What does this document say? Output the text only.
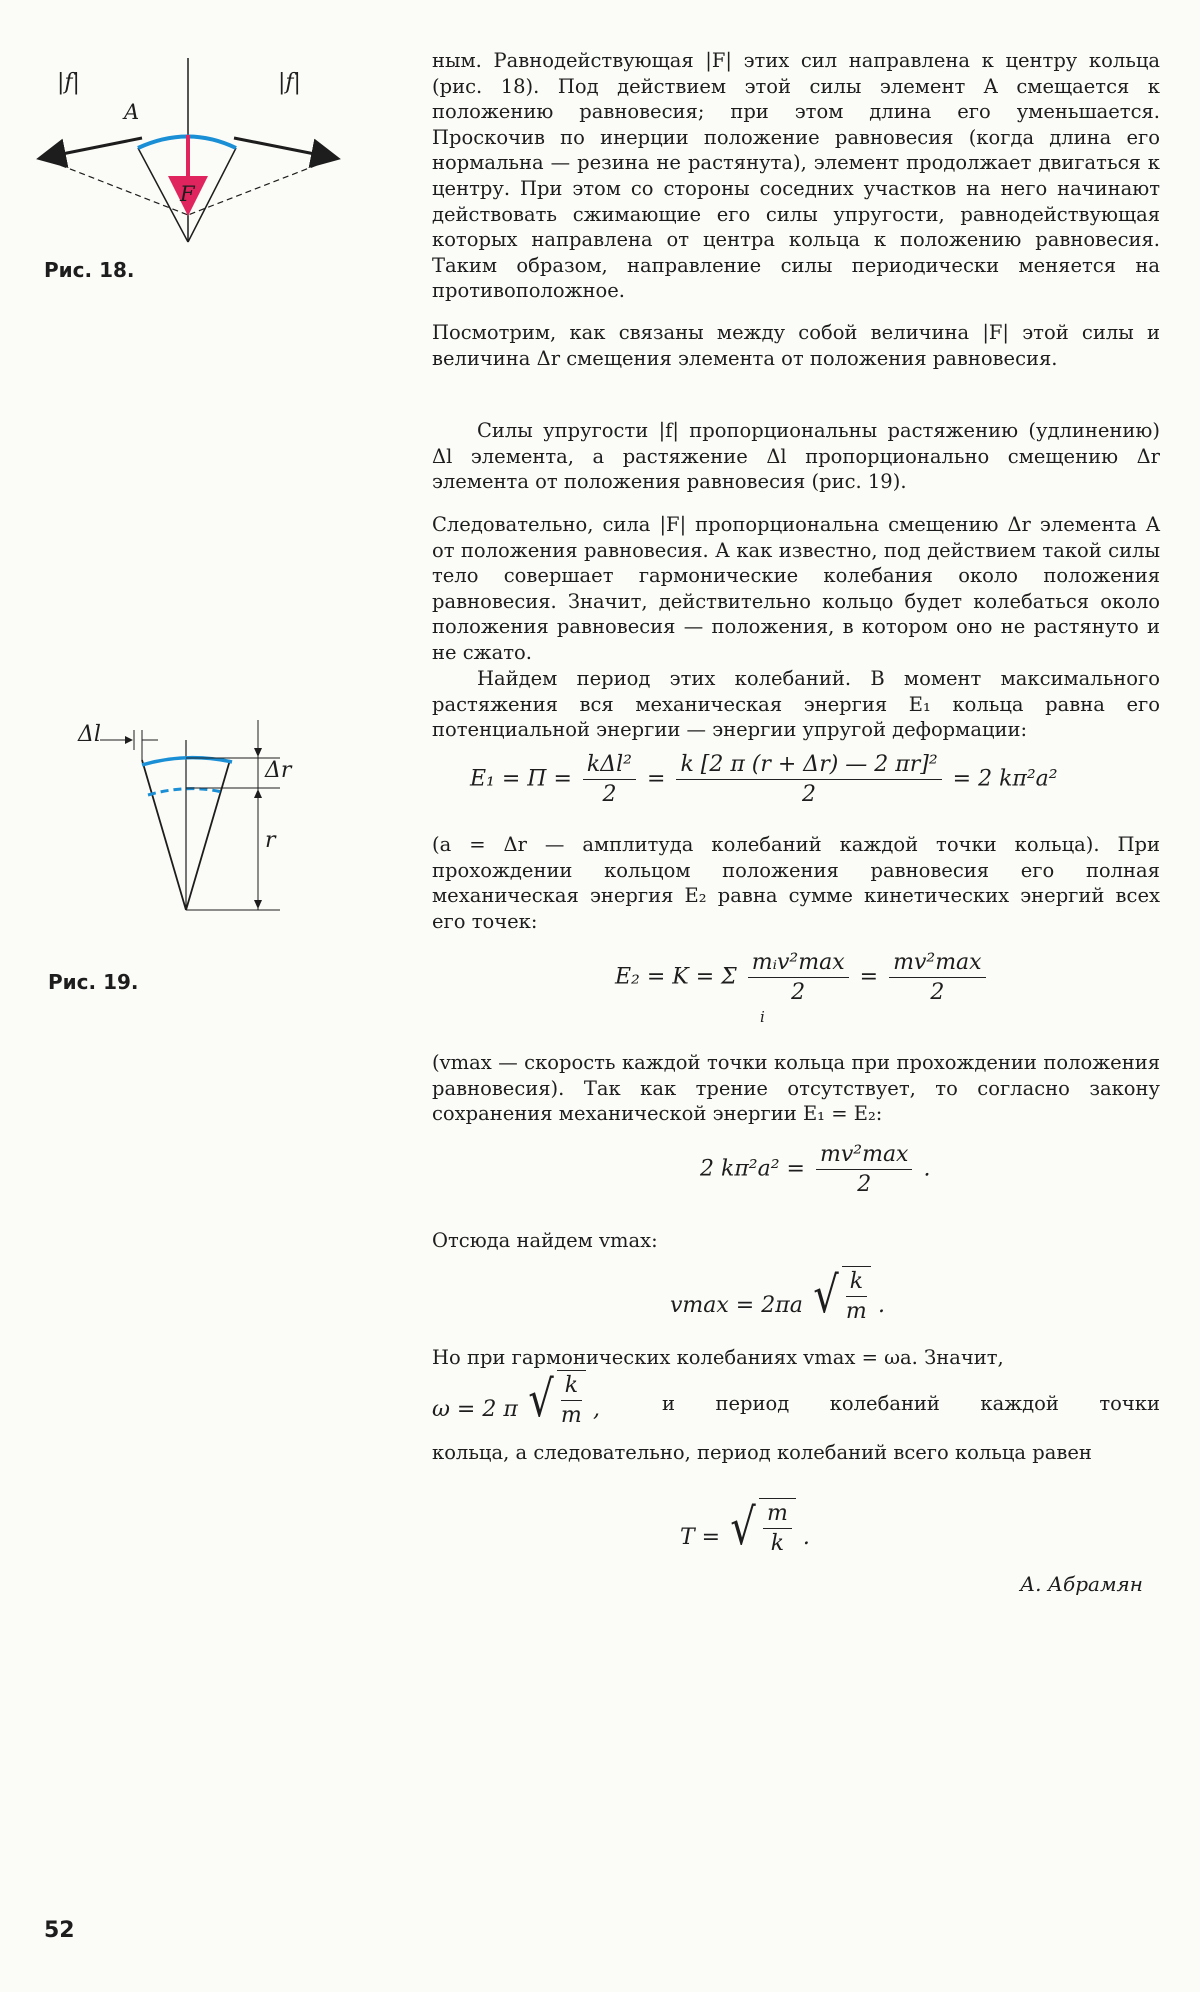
|f|	|f|
A
F
Рис. 18.
Δl
Δr
r
Рис. 19.
ным. Равнодействующая |F| этих сил направлена к центру кольца (рис. 18). Под действием этой силы элемент A смещается к положению равновесия; при этом длина его уменьшается. Проскочив по инерции положение равновесия (когда длина его нормальна — резина не растянута), элемент продолжает двигаться к центру. При этом со стороны соседних участков на него начинают действовать сжимающие его силы упругости, равнодействующая которых направлена от центра кольца к положению равновесия. Таким образом, направление силы периодически меняется на противоположное.
Посмотрим, как связаны между собой величина |F| этой силы и величина Δr смещения элемента от положения равновесия.
Силы упругости |f| пропорциональны растяжению (удлинению) Δl элемента, а растяжение Δl пропорционально смещению Δr элемента от положения равновесия (рис. 19).
Следовательно, сила |F| пропорциональна смещению Δr элемента A от положения равновесия. А как известно, под действием такой силы тело совершает гармонические колебания около положения равновесия. Значит, действительно кольцо будет колебаться около положения равновесия — положения, в котором оно не растянуто и не сжато.
Найдем период этих колебаний. В момент максимального растяжения вся механическая энергия E₁ кольца равна его потенциальной энергии — энергии упругой деформации:
$E_1 = П = \frac{\text{kΔl²}}{2} = \frac{\text{k [2 π (r + Δr) — 2 πr]²}}{2} = 2$ kπ²a²
(a = Δr — амплитуда колебаний каждой точки кольца). При прохождении кольцом положения равновесия его полная механическая энергия E₂ равна сумме кинетических энергий всех его точек:
E₂ = K = Σ $\frac{\text{mᵢv²max}}{2} = \frac{\text{mv²max}}{2}$
i
(vmax — скорость каждой точки кольца при прохождении положения равновесия). Так как трение отсутствует, то согласно закону сохранения механической энергии E₁ = E₂:
2 $k\pi^2a^2 = \frac{\text{mv²max}}{2}$ .
Отсюда найдем vmax:
vmax = 2πa √ $\frac{k}{m}$ .
Но при гармонических колебаниях vmax = ωa. Значит,
ω = 2 π √ $\frac{k}{m}$ ,	и период колебаний каждой точки
кольца, а следовательно, период колебаний всего кольца равен
T = √ $\frac{m}{k}$ .
А. Абрамян
52
